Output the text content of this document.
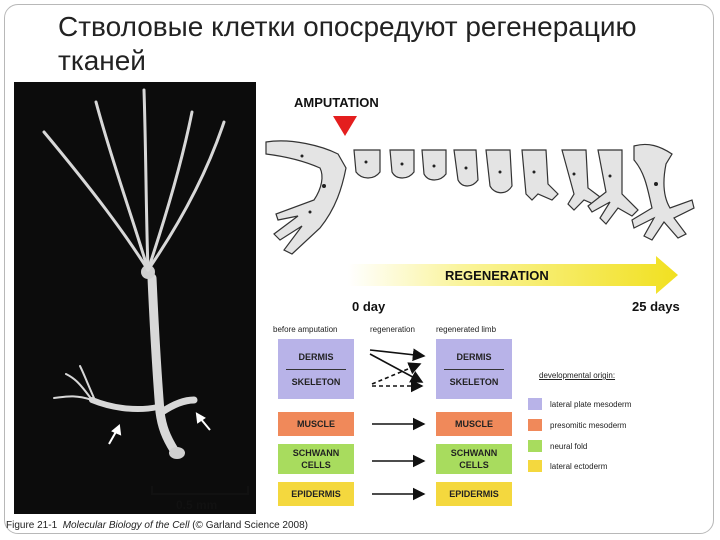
Стволовые клетки опосредуют регенерацию тканей
0.5 mm
Figure 21-1 Molecular Biology of the Cell (© Garland Science 2008)
AMPUTATION
REGENERATION
0 day	25 days
before amputation	regeneration	regenerated limb
DERMIS
SKELETON
MUSCLE
SCHWANN
CELLS
EPIDERMIS
DERMIS
SKELETON
MUSCLE
SCHWANN
CELLS
EPIDERMIS
developmental origin:
lateral plate mesoderm
presomitic mesoderm
neural fold
lateral ectoderm
